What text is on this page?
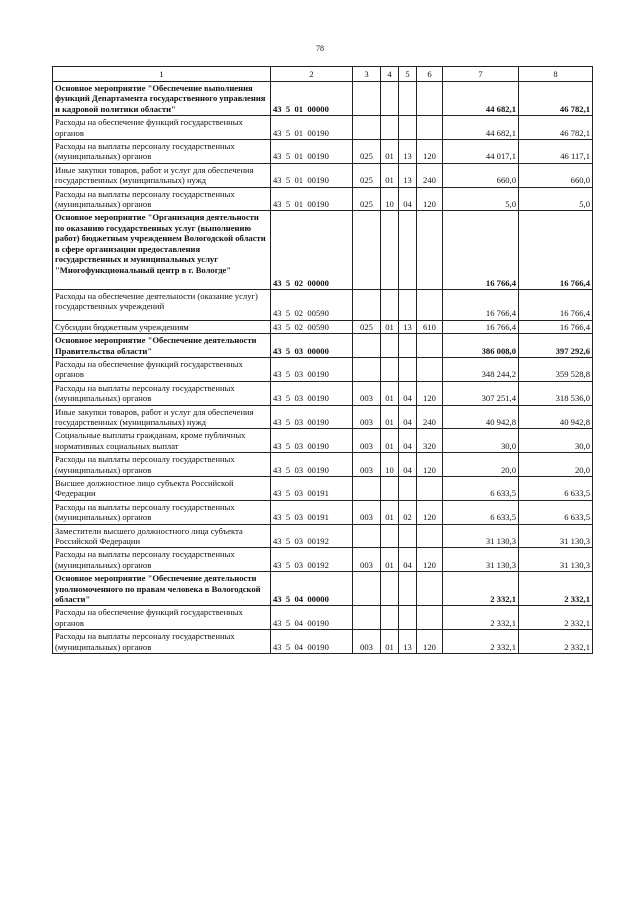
78
1	2	3	4	5	6	7	8
Основное мероприятие "Обеспечение выполнения функций Департамента государственного управления и кадровой политики области"	43  5  01  00000					44 682,1	46 782,1
Расходы на обеспечение функций государственных органов	43  5  01  00190					44 682,1	46 782,1
Расходы на выплаты персоналу государственных (муниципальных) органов	43  5  01  00190	025	01	13	120	44 017,1	46 117,1
Иные закупки товаров, работ и услуг для обеспечения государственных (муниципальных) нужд	43  5  01  00190	025	01	13	240	660,0	660,0
Расходы на выплаты персоналу государственных (муниципальных) органов	43  5  01  00190	025	10	04	120	5,0	5,0
Основное мероприятие "Организация деятельности по оказанию государственных услуг (выполнению работ) бюджетным учреждением Вологодской области в сфере организации предоставления государственных и муниципальных услуг "Многофункциональный центр в г. Вологде"	43  5  02  00000					16 766,4	16 766,4
Расходы на обеспечение деятельности (оказание услуг) государственных учреждений	43  5  02  00590					16 766,4	16 766,4
Субсидии бюджетным учреждениям	43  5  02  00590	025	01	13	610	16 766,4	16 766,4
Основное мероприятие "Обеспечение деятельности Правительства области"	43  5  03  00000					386 008,0	397 292,6
Расходы на обеспечение функций государственных органов	43  5  03  00190					348 244,2	359 528,8
Расходы на выплаты персоналу государственных (муниципальных) органов	43  5  03  00190	003	01	04	120	307 251,4	318 536,0
Иные закупки товаров, работ и услуг для обеспечения государственных (муниципальных) нужд	43  5  03  00190	003	01	04	240	40 942,8	40 942,8
Социальные выплаты гражданам, кроме публичных нормативных социальных выплат	43  5  03  00190	003	01	04	320	30,0	30,0
Расходы на выплаты персоналу государственных (муниципальных) органов	43  5  03  00190	003	10	04	120	20,0	20,0
Высшее должностное лицо субъекта Российской Федерации	43  5  03  00191					6 633,5	6 633,5
Расходы на выплаты персоналу государственных (муниципальных) органов	43  5  03  00191	003	01	02	120	6 633,5	6 633,5
Заместители высшего должностного лица субъекта Российской Федерации	43  5  03  00192					31 130,3	31 130,3
Расходы на выплаты персоналу государственных (муниципальных) органов	43  5  03  00192	003	01	04	120	31 130,3	31 130,3
Основное мероприятие "Обеспечение деятельности уполномоченного по правам человека в Вологодской области"	43  5  04  00000					2 332,1	2 332,1
Расходы на обеспечение функций государственных органов	43  5  04  00190					2 332,1	2 332,1
Расходы на выплаты персоналу государственных (муниципальных) органов	43  5  04  00190	003	01	13	120	2 332,1	2 332,1
